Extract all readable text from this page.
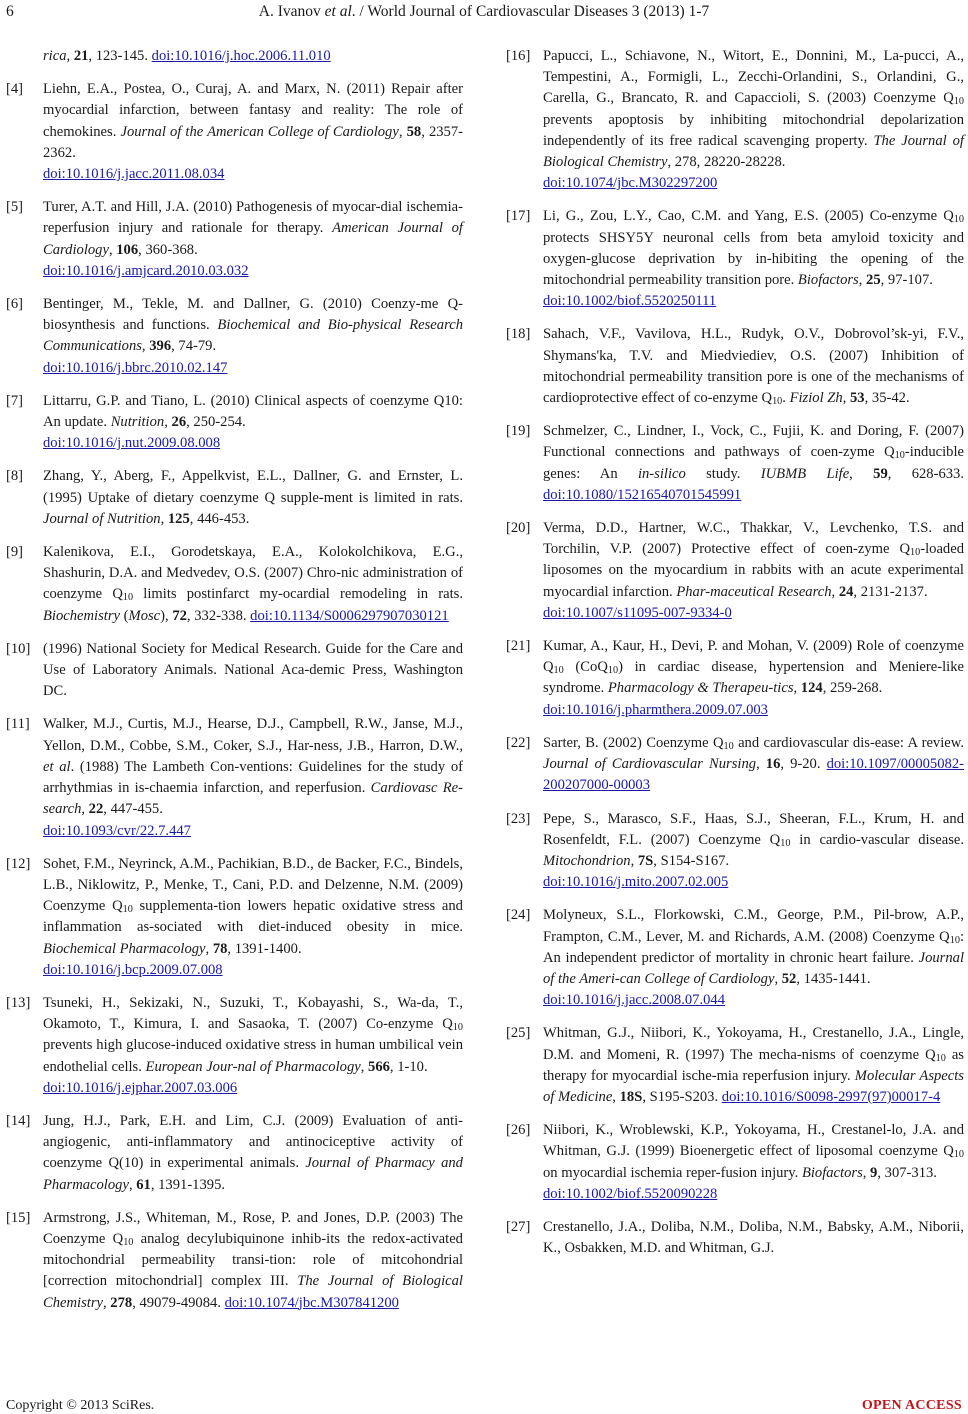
6	A. Ivanov et al. / World Journal of Cardiovascular Diseases 3 (2013) 1-7
rica, 21, 123-145. doi:10.1016/j.hoc.2006.11.010
[4] Liehn, E.A., Postea, O., Curaj, A. and Marx, N. (2011) Repair after myocardial infarction, between fantasy and reality: The role of chemokines. Journal of the American College of Cardiology, 58, 2357-2362.
doi:10.1016/j.jacc.2011.08.034
[5] Turer, A.T. and Hill, J.A. (2010) Pathogenesis of myocar-dial ischemia-reperfusion injury and rationale for therapy. American Journal of Cardiology, 106, 360-368.
doi:10.1016/j.amjcard.2010.03.032
[6] Bentinger, M., Tekle, M. and Dallner, G. (2010) Coenzy-me Q-biosynthesis and functions. Biochemical and Bio-physical Research Communications, 396, 74-79.
doi:10.1016/j.bbrc.2010.02.147
[7] Littarru, G.P. and Tiano, L. (2010) Clinical aspects of coenzyme Q10: An update. Nutrition, 26, 250-254.
doi:10.1016/j.nut.2009.08.008
[8] Zhang, Y., Aberg, F., Appelkvist, E.L., Dallner, G. and Ernster, L. (1995) Uptake of dietary coenzyme Q supple-ment is limited in rats. Journal of Nutrition, 125, 446-453.
[9] Kalenikova, E.I., Gorodetskaya, E.A., Kolokolchikova, E.G., Shashurin, D.A. and Medvedev, O.S. (2007) Chro-nic administration of coenzyme $Q_{10}$ limits postinfarct my-ocardial remodeling in rats. Biochemistry (Mosc), 72, 332-338. doi:10.1134/S0006297907030121
[10] (1996) National Society for Medical Research. Guide for the Care and Use of Laboratory Animals. National Aca-demic Press, Washington DC.
[11] Walker, M.J., Curtis, M.J., Hearse, D.J., Campbell, R.W., Janse, M.J., Yellon, D.M., Cobbe, S.M., Coker, S.J., Har-ness, J.B., Harron, D.W., et al. (1988) The Lambeth Con-ventions: Guidelines for the study of arrhythmias in is-chaemia infarction, and reperfusion. Cardiovasc Re-search, 22, 447-455.
doi:10.1093/cvr/22.7.447
[12] Sohet, F.M., Neyrinck, A.M., Pachikian, B.D., de Backer, F.C., Bindels, L.B., Niklowitz, P., Menke, T., Cani, P.D. and Delzenne, N.M. (2009) Coenzyme $Q_{10}$ supplementa-tion lowers hepatic oxidative stress and inflammation as-sociated with diet-induced obesity in mice. Biochemical Pharmacology, 78, 1391-1400.
doi:10.1016/j.bcp.2009.07.008
[13] Tsuneki, H., Sekizaki, N., Suzuki, T., Kobayashi, S., Wa-da, T., Okamoto, T., Kimura, I. and Sasaoka, T. (2007) Co-enzyme $Q_{10}$ prevents high glucose-induced oxidative stress in human umbilical vein endothelial cells. European Jour-nal of Pharmacology, 566, 1-10.
doi:10.1016/j.ejphar.2007.03.006
[14] Jung, H.J., Park, E.H. and Lim, C.J. (2009) Evaluation of anti-angiogenic, anti-inflammatory and antinociceptive activity of coenzyme Q(10) in experimental animals. Journal of Pharmacy and Pharmacology, 61, 1391-1395.
[15] Armstrong, J.S., Whiteman, M., Rose, P. and Jones, D.P. (2003) The Coenzyme $Q_{10}$ analog decylubiquinone inhib-its the redox-activated mitochondrial permeability transi-tion: role of mitcohondrial [correction mitochondrial] complex III. The Journal of Biological Chemistry, 278, 49079-49084. doi:10.1074/jbc.M307841200
[16] Papucci, L., Schiavone, N., Witort, E., Donnini, M., La-pucci, A., Tempestini, A., Formigli, L., Zecchi-Orlandini, S., Orlandini, G., Carella, G., Brancato, R. and Capaccioli, S. (2003) Coenzyme $Q_{10}$ prevents apoptosis by inhibiting mitochondrial depolarization independently of its free radical scavenging property. The Journal of Biological Chemistry, 278, 28220-28228.
doi:10.1074/jbc.M302297200
[17] Li, G., Zou, L.Y., Cao, C.M. and Yang, E.S. (2005) Co-enzyme $Q_{10}$ protects SHSY5Y neuronal cells from beta amyloid toxicity and oxygen-glucose deprivation by in-hibiting the opening of the mitochondrial permeability transition pore. Biofactors, 25, 97-107.
doi:10.1002/biof.5520250111
[18] Sahach, V.F., Vavilova, H.L., Rudyk, O.V., Dobrovol’sk-yi, F.V., Shymans'ka, T.V. and Miedviediev, O.S. (2007) Inhibition of mitochondrial permeability transition pore is one of the mechanisms of cardioprotective effect of co-enzyme $Q_{10}$. Fiziol Zh, 53, 35-42.
[19] Schmelzer, C., Lindner, I., Vock, C., Fujii, K. and Doring, F. (2007) Functional connections and pathways of coen-zyme $Q_{10}$-inducible genes: An in-silico study. IUBMB Life, 59, 628-633. doi:10.1080/15216540701545991
[20] Verma, D.D., Hartner, W.C., Thakkar, V., Levchenko, T.S. and Torchilin, V.P. (2007) Protective effect of coen-zyme $Q_{10}$-loaded liposomes on the myocardium in rabbits with an acute experimental myocardial infarction. Phar-maceutical Research, 24, 2131-2137.
doi:10.1007/s11095-007-9334-0
[21] Kumar, A., Kaur, H., Devi, P. and Mohan, V. (2009) Role of coenzyme $Q_{10}$ (CoQ$_{10}$) in cardiac disease, hypertension and Meniere-like syndrome. Pharmacology & Therapeu-tics, 124, 259-268.
doi:10.1016/j.pharmthera.2009.07.003
[22] Sarter, B. (2002) Coenzyme $Q_{10}$ and cardiovascular dis-ease: A review. Journal of Cardiovascular Nursing, 16, 9-20. doi:10.1097/00005082-200207000-00003
[23] Pepe, S., Marasco, S.F., Haas, S.J., Sheeran, F.L., Krum, H. and Rosenfeldt, F.L. (2007) Coenzyme $Q_{10}$ in cardio-vascular disease. Mitochondrion, 7S, S154-S167.
doi:10.1016/j.mito.2007.02.005
[24] Molyneux, S.L., Florkowski, C.M., George, P.M., Pil-brow, A.P., Frampton, C.M., Lever, M. and Richards, A.M. (2008) Coenzyme $Q_{10}$: An independent predictor of mortality in chronic heart failure. Journal of the Ameri-can College of Cardiology, 52, 1435-1441.
doi:10.1016/j.jacc.2008.07.044
[25] Whitman, G.J., Niibori, K., Yokoyama, H., Crestanello, J.A., Lingle, D.M. and Momeni, R. (1997) The mecha-nisms of coenzyme $Q_{10}$ as therapy for myocardial ische-mia reperfusion injury. Molecular Aspects of Medicine, 18S, S195-S203. doi:10.1016/S0098-2997(97)00017-4
[26] Niibori, K., Wroblewski, K.P., Yokoyama, H., Crestanel-lo, J.A. and Whitman, G.J. (1999) Bioenergetic effect of liposomal coenzyme $Q_{10}$ on myocardial ischemia reper-fusion injury. Biofactors, 9, 307-313.
doi:10.1002/biof.5520090228
[27] Crestanello, J.A., Doliba, N.M., Doliba, N.M., Babsky, A.M., Niborii, K., Osbakken, M.D. and Whitman, G.J.
Copyright © 2013 SciRes.	OPEN ACCESS
